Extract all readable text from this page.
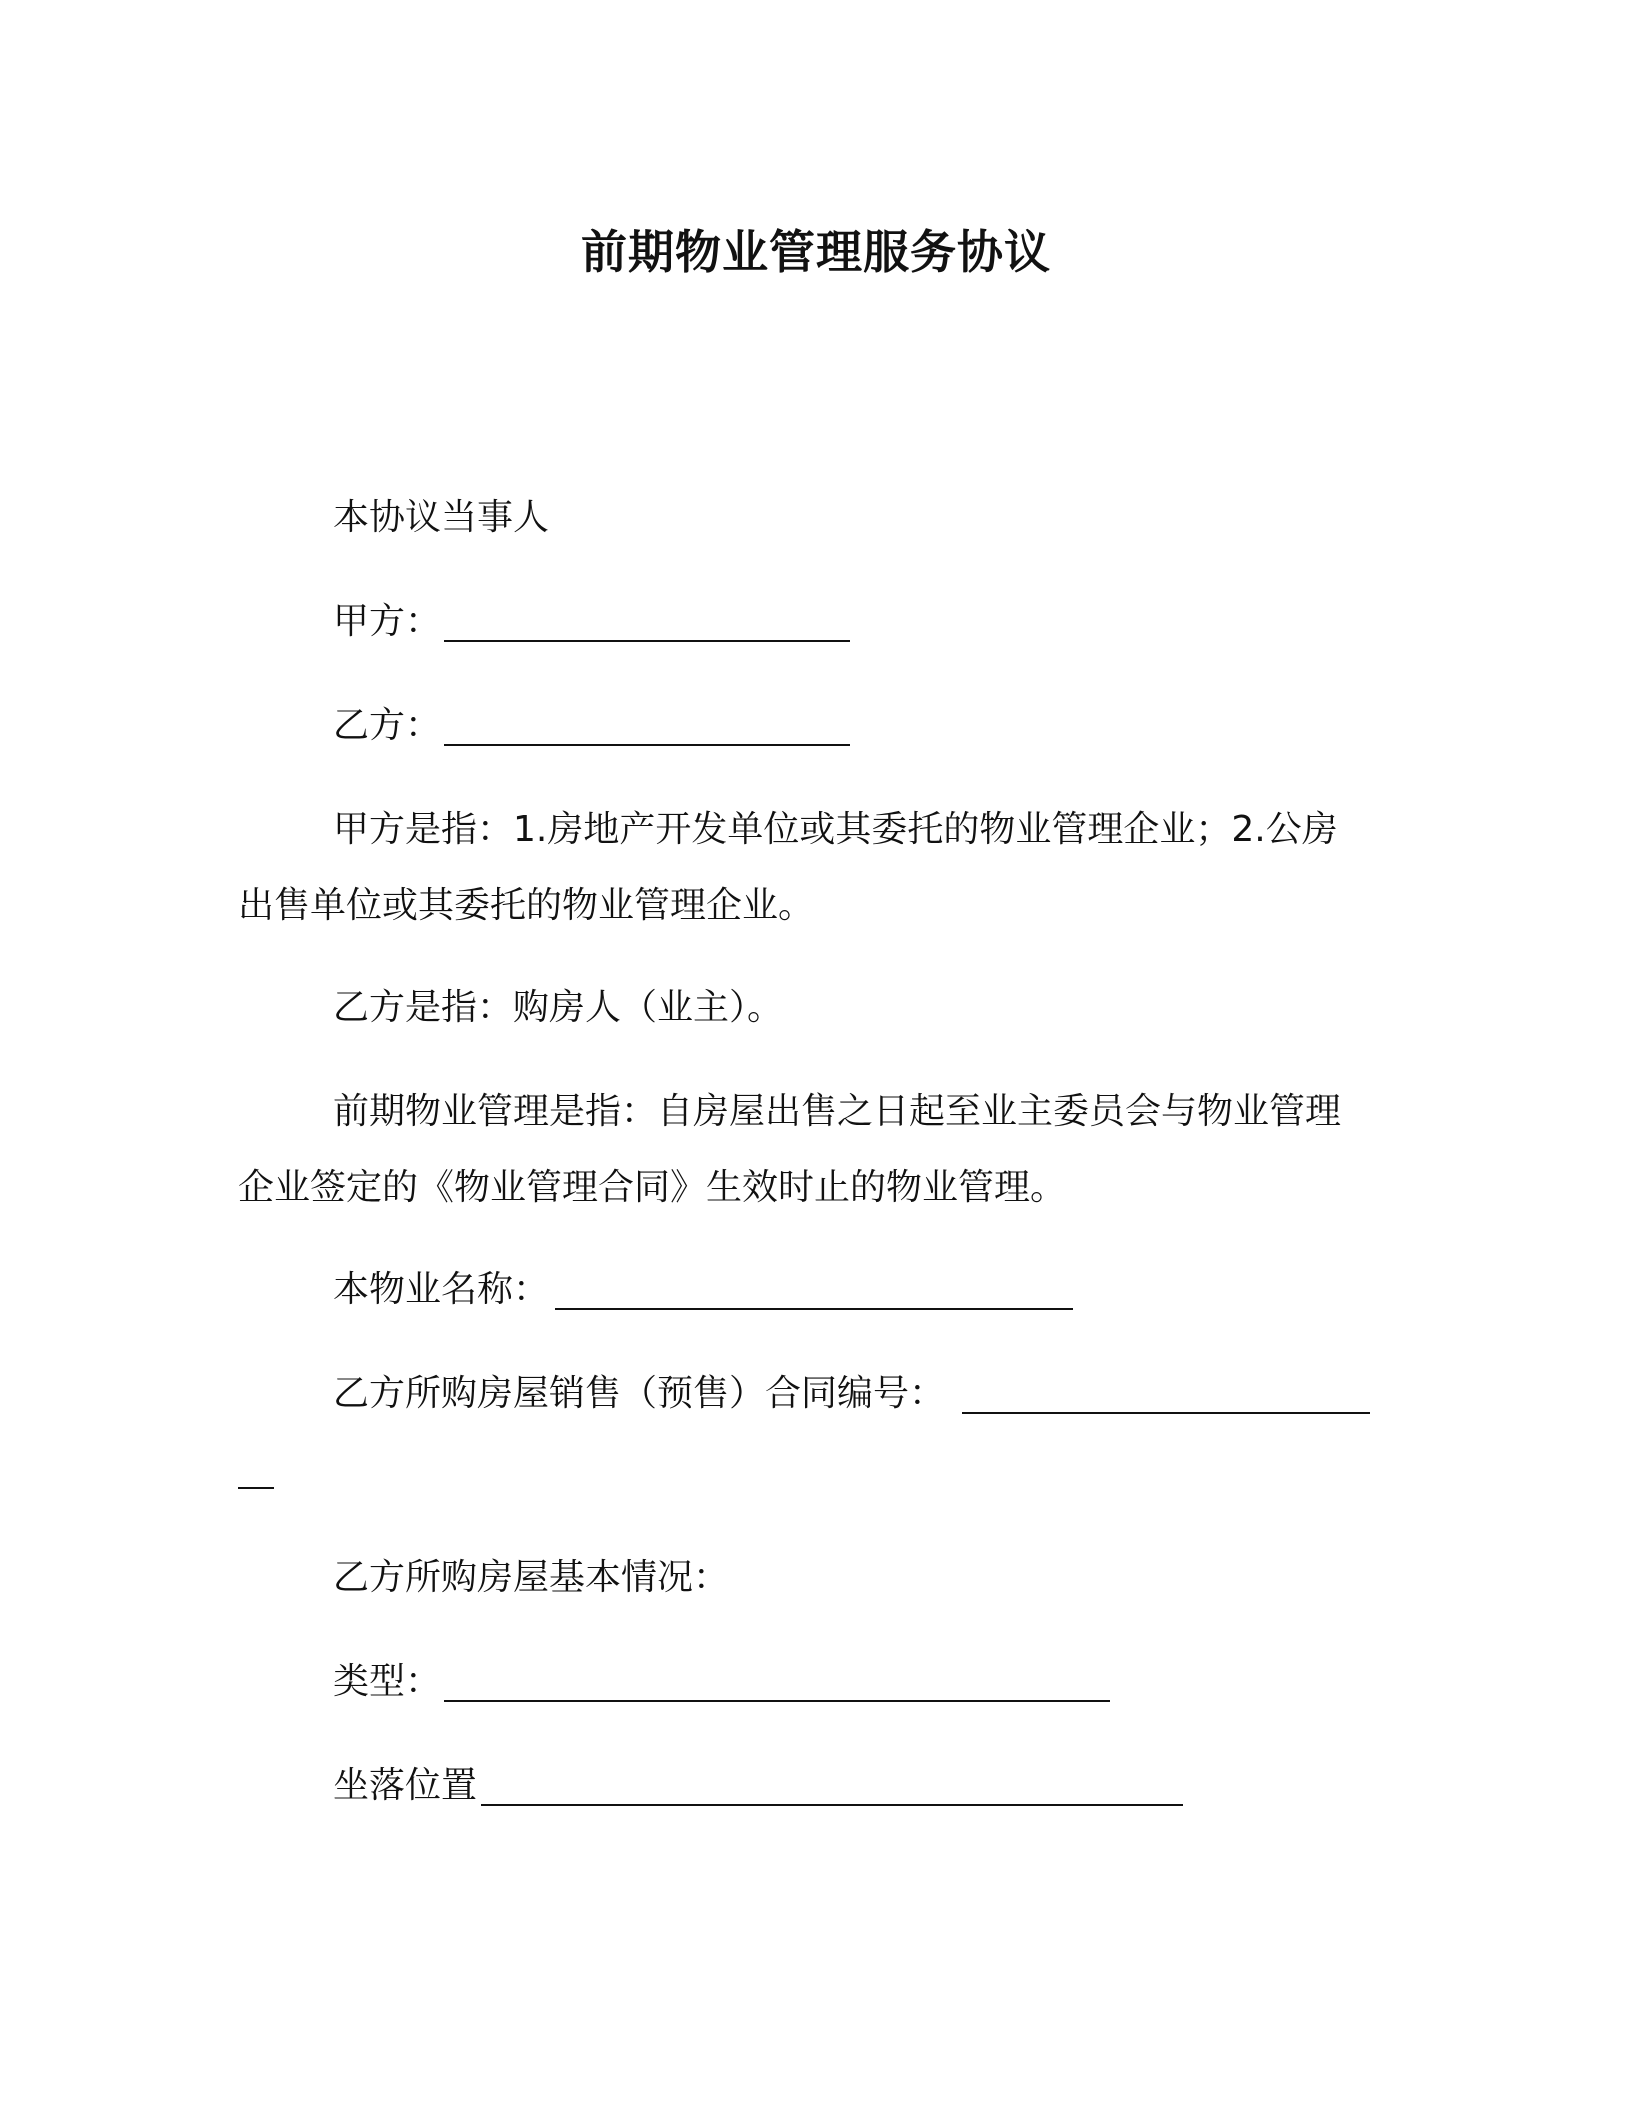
前期物业管理服务协议
本协议当事人
甲方：
乙方：
甲方是指：1.房地产开发单位或其委托的物业管理企业；2.公房
出售单位或其委托的物业管理企业。
乙方是指：购房人（业主）。
前期物业管理是指：自房屋出售之日起至业主委员会与物业管理
企业签定的《物业管理合同》生效时止的物业管理。
本物业名称：
乙方所购房屋销售（预售）合同编号：
乙方所购房屋基本情况：
类型：
坐落位置
